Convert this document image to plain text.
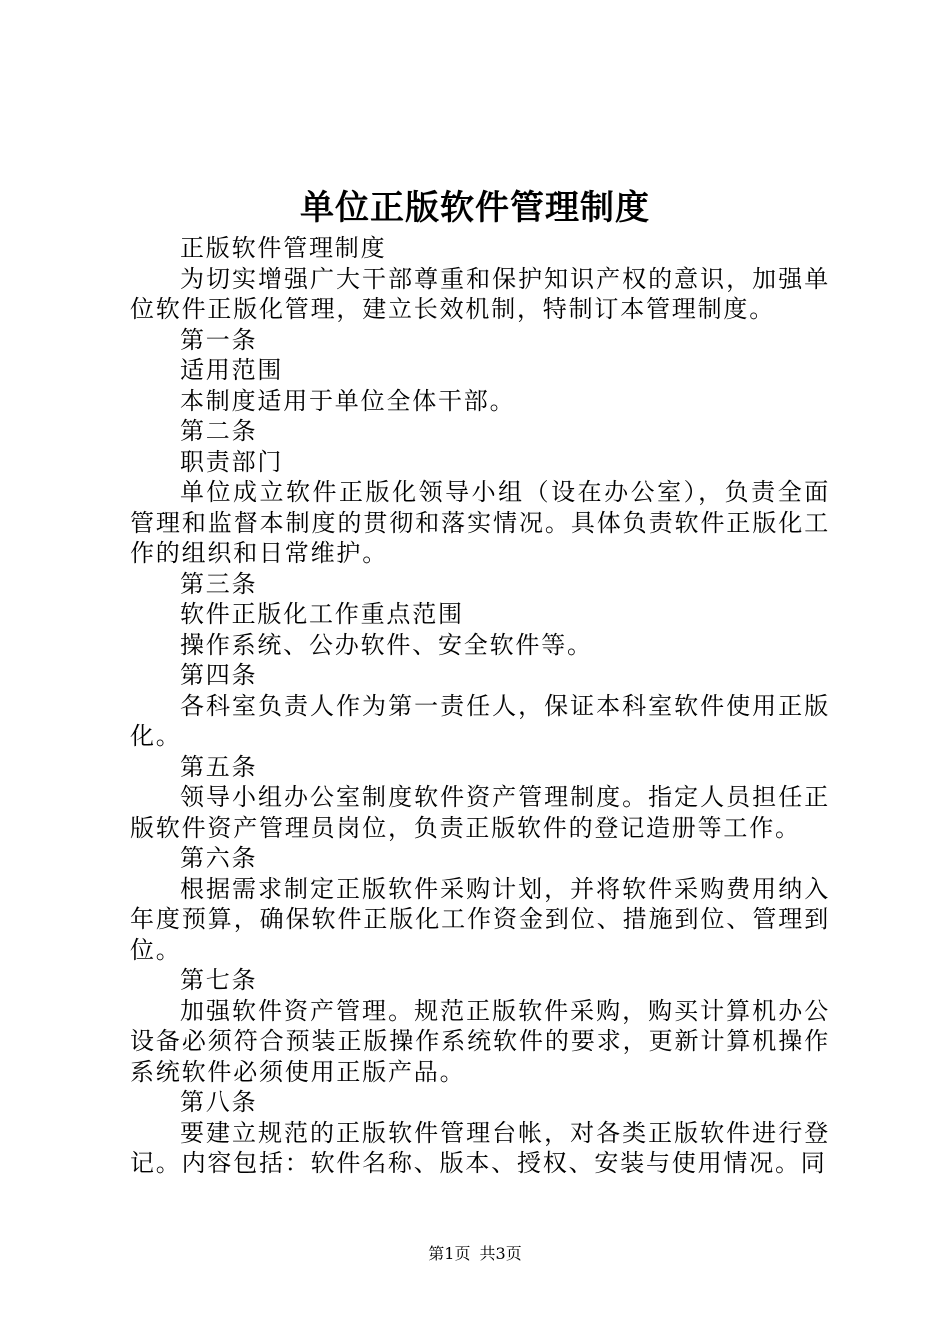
单位正版软件管理制度

正版软件管理制度

为切实增强广大干部尊重和保护知识产权的意识，加强单位软件正版化管理，建立长效机制，特制订本管理制度。

第一条

适用范围

本制度适用于单位全体干部。

第二条

职责部门

单位成立软件正版化领导小组（设在办公室），负责全面管理和监督本制度的贯彻和落实情况。具体负责软件正版化工作的组织和日常维护。

第三条

软件正版化工作重点范围

操作系统、公办软件、安全软件等。

第四条

各科室负责人作为第一责任人，保证本科室软件使用正版化。

第五条

领导小组办公室制度软件资产管理制度。指定人员担任正版软件资产管理员岗位，负责正版软件的登记造册等工作。

第六条

根据需求制定正版软件采购计划，并将软件采购费用纳入年度预算，确保软件正版化工作资金到位、措施到位、管理到位。

第七条

加强软件资产管理。规范正版软件采购，购买计算机办公设备必须符合预装正版操作系统软件的要求，更新计算机操作系统软件必须使用正版产品。

第八条

要建立规范的正版软件管理台帐，对各类正版软件进行登记。内容包括：软件名称、版本、授权、安装与使用情况。同

第1页 共3页
